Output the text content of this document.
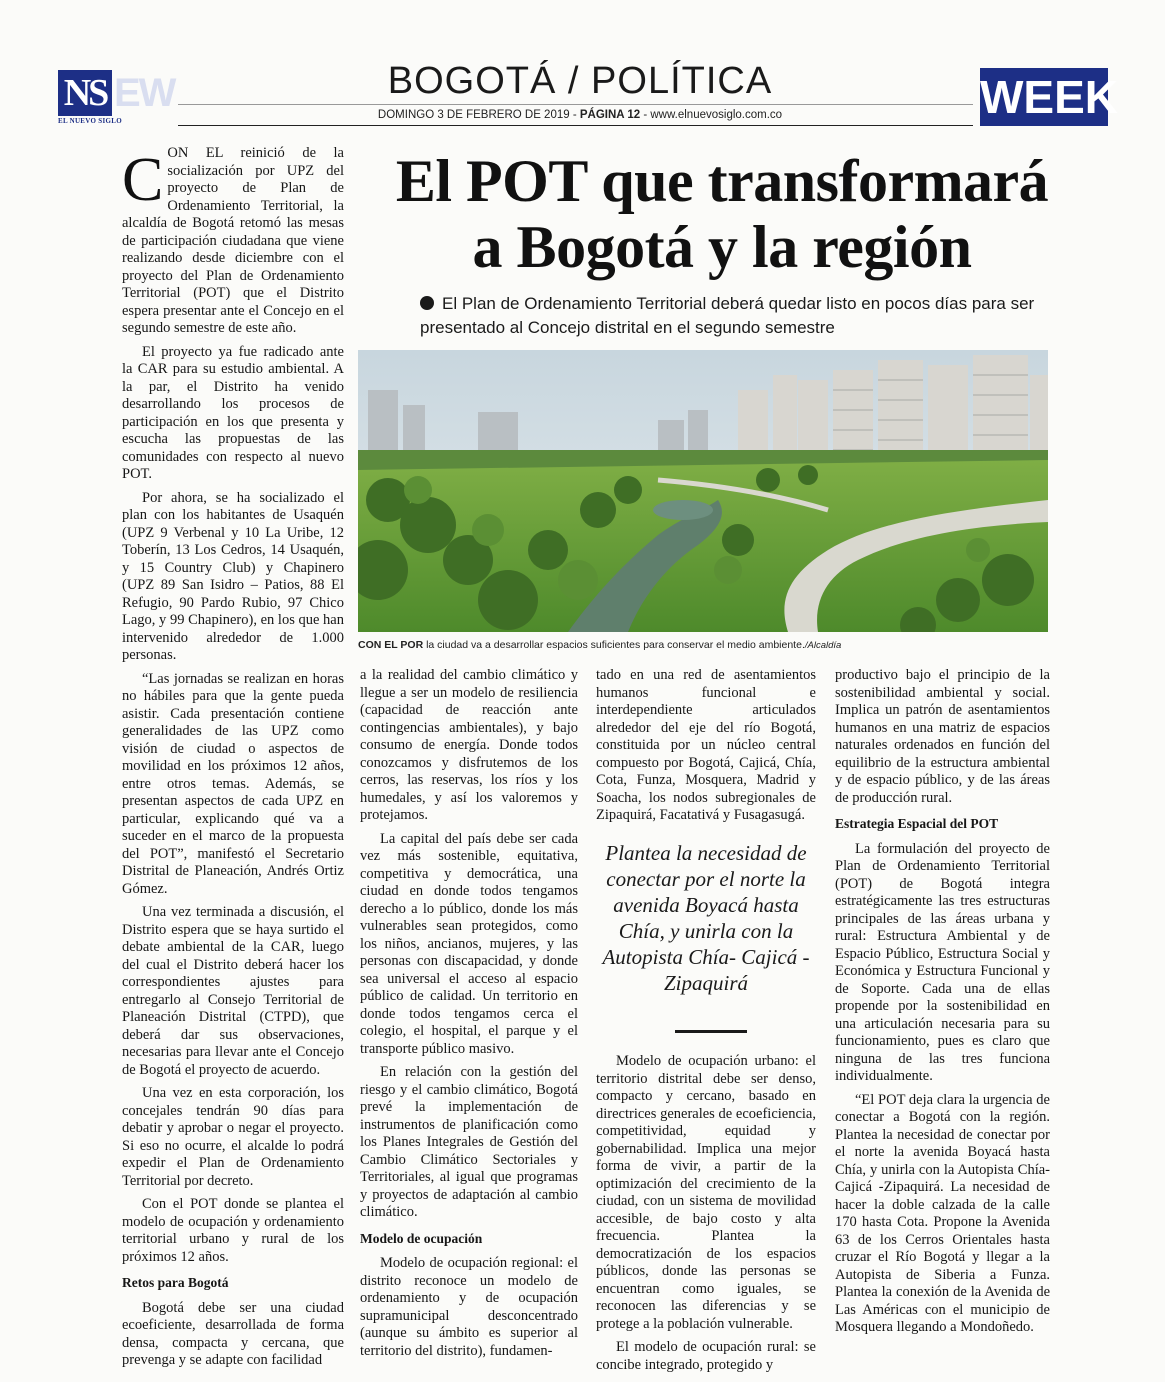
NS EW
EL NUEVO SIGLO
BOGOTÁ / POLÍTICA
DOMINGO 3 DE FEBRERO DE 2019 - PÁGINA 12 - www.elnuevosiglo.com.co	WEEK
El POT que transformará
a Bogotá y la región
El Plan de Ordenamiento Territorial deberá quedar listo en pocos días para ser presentado al Concejo distrital en el segundo semestre
CON EL POR la ciudad va a desarrollar espacios suficientes para conservar el medio ambiente./Alcaldía

CON EL reinició de la socialización por UPZ del proyecto de Plan de Ordenamiento Territorial, la alcaldía de Bogotá retomó las mesas de participación ciudadana que viene realizando desde diciembre con el proyecto del Plan de Ordenamiento Territorial (POT) que el Distrito espera presentar ante el Concejo en el segundo semestre de este año.

El proyecto ya fue radicado ante la CAR para su estudio ambiental. A la par, el Distrito ha venido desarrollando los procesos de participación en los que presenta y escucha las propuestas de las comunidades con respecto al nuevo POT.

Por ahora, se ha socializado el plan con los habitantes de Usaquén (UPZ 9 Verbenal y 10 La Uribe, 12 Toberín, 13 Los Cedros, 14 Usaquén, y 15 Country Club) y Chapinero (UPZ 89 San Isidro – Patios, 88 El Refugio, 90 Pardo Rubio, 97 Chico Lago, y 99 Chapinero), en los que han intervenido alrededor de 1.000 personas.

“Las jornadas se realizan en horas no hábiles para que la gente pueda asistir. Cada presentación contiene generalidades de las UPZ como visión de ciudad o aspectos de movilidad en los próximos 12 años, entre otros temas. Además, se presentan aspectos de cada UPZ en particular, explicando qué va a suceder en el marco de la propuesta del POT”, manifestó el Secretario Distrital de Planeación, Andrés Ortiz Gómez.

Una vez terminada a discusión, el Distrito espera que se haya surtido el debate ambiental de la CAR, luego del cual el Distrito deberá hacer los correspondientes ajustes para entregarlo al Consejo Territorial de Planeación Distrital (CTPD), que deberá dar sus observaciones, necesarias para llevar ante el Concejo de Bogotá el proyecto de acuerdo.

Una vez en esta corporación, los concejales tendrán 90 días para debatir y aprobar o negar el proyecto. Si eso no ocurre, el alcalde lo podrá expedir el Plan de Ordenamiento Territorial por decreto.

Con el POT donde se plantea el modelo de ocupación y ordenamiento territorial urbano y rural de los próximos 12 años.

Retos para Bogotá

Bogotá debe ser una ciudad ecoeficiente, desarrollada de forma densa, compacta y cercana, que prevenga y se adapte con facilidad

a la realidad del cambio climático y llegue a ser un modelo de resiliencia (capacidad de reacción ante contingencias ambientales), y bajo consumo de energía. Donde todos conozcamos y disfrutemos de los cerros, las reservas, los ríos y los humedales, y así los valoremos y protejamos.

La capital del país debe ser cada vez más sostenible, equitativa, competitiva y democrática, una ciudad en donde todos tengamos derecho a lo público, donde los más vulnerables sean protegidos, como los niños, ancianos, mujeres, y las personas con discapacidad, y donde sea universal el acceso al espacio público de calidad. Un territorio en donde todos tengamos cerca el colegio, el hospital, el parque y el transporte público masivo.

En relación con la gestión del riesgo y el cambio climático, Bogotá prevé la implementación de instrumentos de planificación como los Planes Integrales de Gestión del Cambio Climático Sectoriales y Territoriales, al igual que programas y proyectos de adaptación al cambio climático.

Modelo de ocupación

Modelo de ocupación regional: el distrito reconoce un modelo de ordenamiento y de ocupación supramunicipal desconcentrado (aunque su ámbito es superior al territorio del distrito), fundamen-

tado en una red de asentamientos humanos funcional e interdependiente articulados alrededor del eje del río Bogotá, constituida por un núcleo central compuesto por Bogotá, Cajicá, Chía, Cota, Funza, Mosquera, Madrid y Soacha, los nodos subregionales de Zipaquirá, Facatativá y Fusagasugá.

Plantea la necesidad de conectar por el norte la avenida Boyacá hasta Chía, y unirla con la Autopista Chía- Cajicá -Zipaquirá

Modelo de ocupación urbano: el territorio distrital debe ser denso, compacto y cercano, basado en directrices generales de ecoeficiencia, competitividad, equidad y gobernabilidad. Implica una mejor forma de vivir, a partir de la optimización del crecimiento de la ciudad, con un sistema de movilidad accesible, de bajo costo y alta frecuencia. Plantea la democratización de los espacios públicos, donde las personas se encuentran como iguales, se reconocen las diferencias y se protege a la población vulnerable.

El modelo de ocupación rural: se concibe integrado, protegido y

productivo bajo el principio de la sostenibilidad ambiental y social. Implica un patrón de asentamientos humanos en una matriz de espacios naturales ordenados en función del equilibrio de la estructura ambiental y de espacio público, y de las áreas de producción rural.

Estrategia Espacial del POT

La formulación del proyecto de Plan de Ordenamiento Territorial (POT) de Bogotá integra estratégicamente las tres estructuras principales de las áreas urbana y rural: Estructura Ambiental y de Espacio Público, Estructura Social y Económica y Estructura Funcional y de Soporte. Cada una de ellas propende por la sostenibilidad en una articulación necesaria para su funcionamiento, pues es claro que ninguna de las tres funciona individualmente.

“El POT deja clara la urgencia de conectar a Bogotá con la región. Plantea la necesidad de conectar por el norte la avenida Boyacá hasta Chía, y unirla con la Autopista Chía- Cajicá -Zipaquirá. La necesidad de hacer la doble calzada de la calle 170 hasta Cota. Propone la Avenida 63 de los Cerros Orientales hasta cruzar el Río Bogotá y llegar a la Autopista de Siberia a Funza. Plantea la conexión de la Avenida de Las Américas con el municipio de Mosquera llegando a Mondoñedo.
